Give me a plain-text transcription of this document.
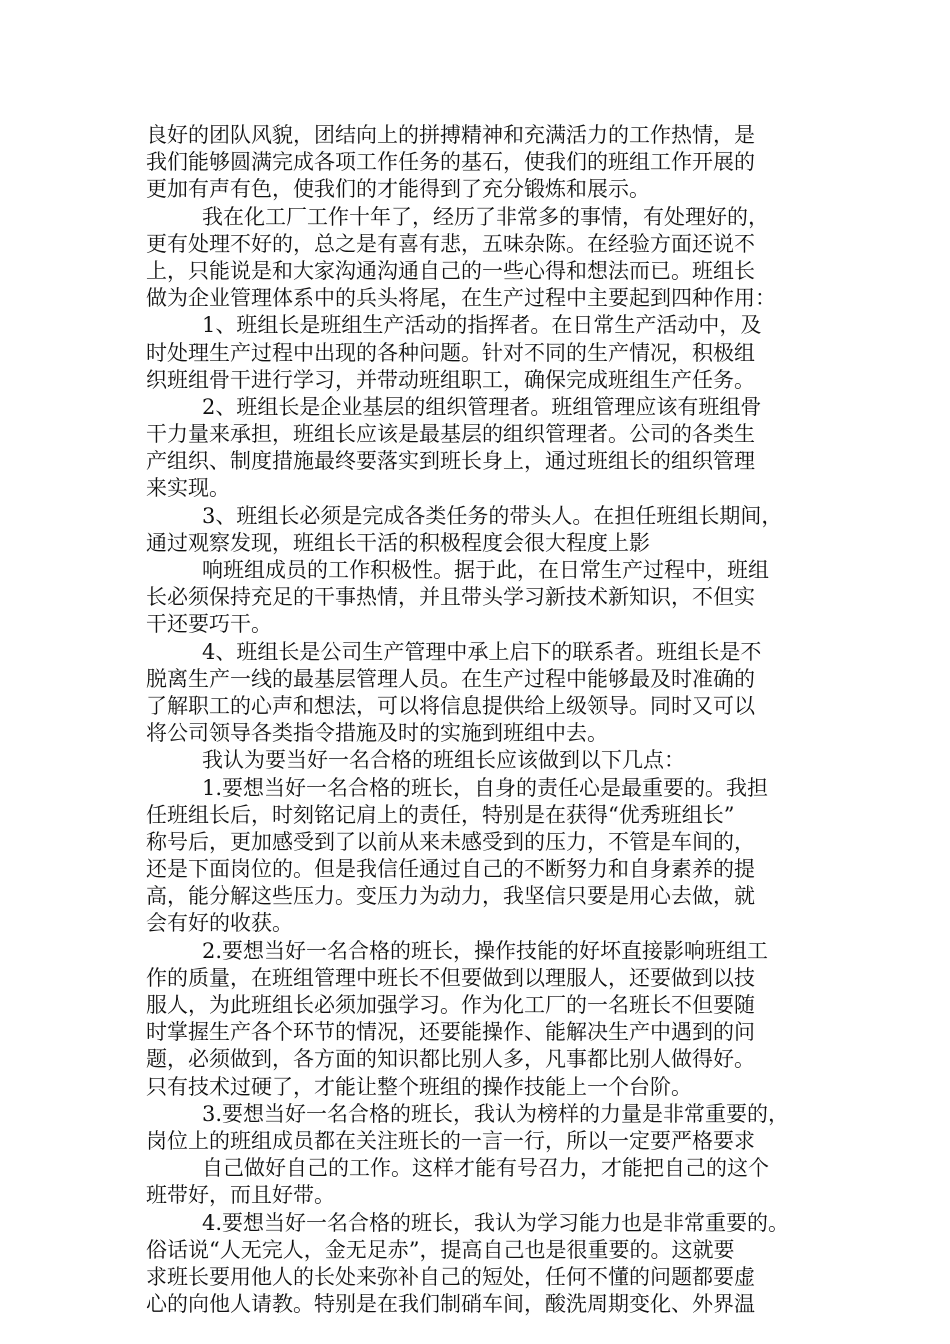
良好的团队风貌，团结向上的拼搏精神和充满活力的工作热情，是
我们能够圆满完成各项工作任务的基石，使我们的班组工作开展的
更加有声有色，使我们的才能得到了充分锻炼和展示。
我在化工厂工作十年了，经历了非常多的事情，有处理好的，
更有处理不好的，总之是有喜有悲，五味杂陈。在经验方面还说不
上，只能说是和大家沟通沟通自己的一些心得和想法而已。班组长
做为企业管理体系中的兵头将尾，在生产过程中主要起到四种作用：
1、班组长是班组生产活动的指挥者。在日常生产活动中，及
时处理生产过程中出现的各种问题。针对不同的生产情况，积极组
织班组骨干进行学习，并带动班组职工，确保完成班组生产任务。
2、班组长是企业基层的组织管理者。班组管理应该有班组骨
干力量来承担，班组长应该是最基层的组织管理者。公司的各类生
产组织、制度措施最终要落实到班长身上，通过班组长的组织管理
来实现。
3、班组长必须是完成各类任务的带头人。在担任班组长期间，
通过观察发现，班组长干活的积极程度会很大程度上影
响班组成员的工作积极性。据于此，在日常生产过程中，班组
长必须保持充足的干事热情，并且带头学习新技术新知识，不但实
干还要巧干。
4、班组长是公司生产管理中承上启下的联系者。班组长是不
脱离生产一线的最基层管理人员。在生产过程中能够最及时准确的
了解职工的心声和想法，可以将信息提供给上级领导。同时又可以
将公司领导各类指令措施及时的实施到班组中去。
我认为要当好一名合格的班组长应该做到以下几点：
1.要想当好一名合格的班长，自身的责任心是最重要的。我担
任班组长后，时刻铭记肩上的责任，特别是在获得“优秀班组长”
称号后，更加感受到了以前从来未感受到的压力，不管是车间的，
还是下面岗位的。但是我信任通过自己的不断努力和自身素养的提
高，能分解这些压力。变压力为动力，我坚信只要是用心去做，就
会有好的收获。
2.要想当好一名合格的班长，操作技能的好坏直接影响班组工
作的质量，在班组管理中班长不但要做到以理服人，还要做到以技
服人，为此班组长必须加强学习。作为化工厂的一名班长不但要随
时掌握生产各个环节的情况，还要能操作、能解决生产中遇到的问
题，必须做到，各方面的知识都比别人多，凡事都比别人做得好。
只有技术过硬了，才能让整个班组的操作技能上一个台阶。
3.要想当好一名合格的班长，我认为榜样的力量是非常重要的，
岗位上的班组成员都在关注班长的一言一行，所以一定要严格要求
自己做好自己的工作。这样才能有号召力，才能把自己的这个
班带好，而且好带。
4.要想当好一名合格的班长，我认为学习能力也是非常重要的。
俗话说“人无完人，金无足赤”，提高自己也是很重要的。这就要
求班长要用他人的长处来弥补自己的短处，任何不懂的问题都要虚
心的向他人请教。特别是在我们制硝车间，酸洗周期变化、外界温
